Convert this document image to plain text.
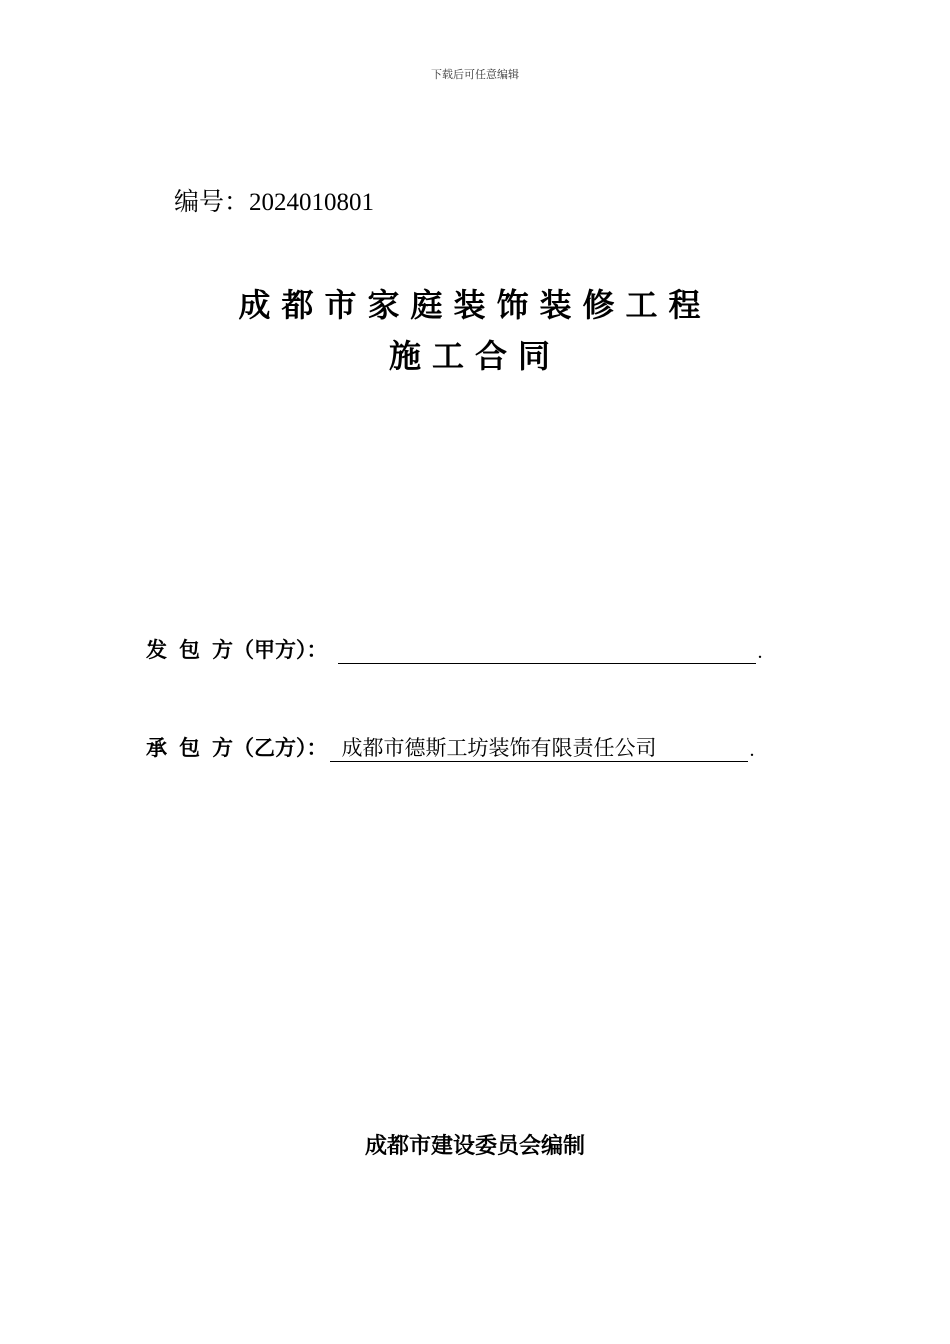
下载后可任意编辑
编号：2024010801
成都市家庭装饰装修工程
施工合同
发 包 方（甲方）：	.
承 包 方（乙方）： 成都市德斯工坊装饰有限责任公司	.
成都市建设委员会编制
